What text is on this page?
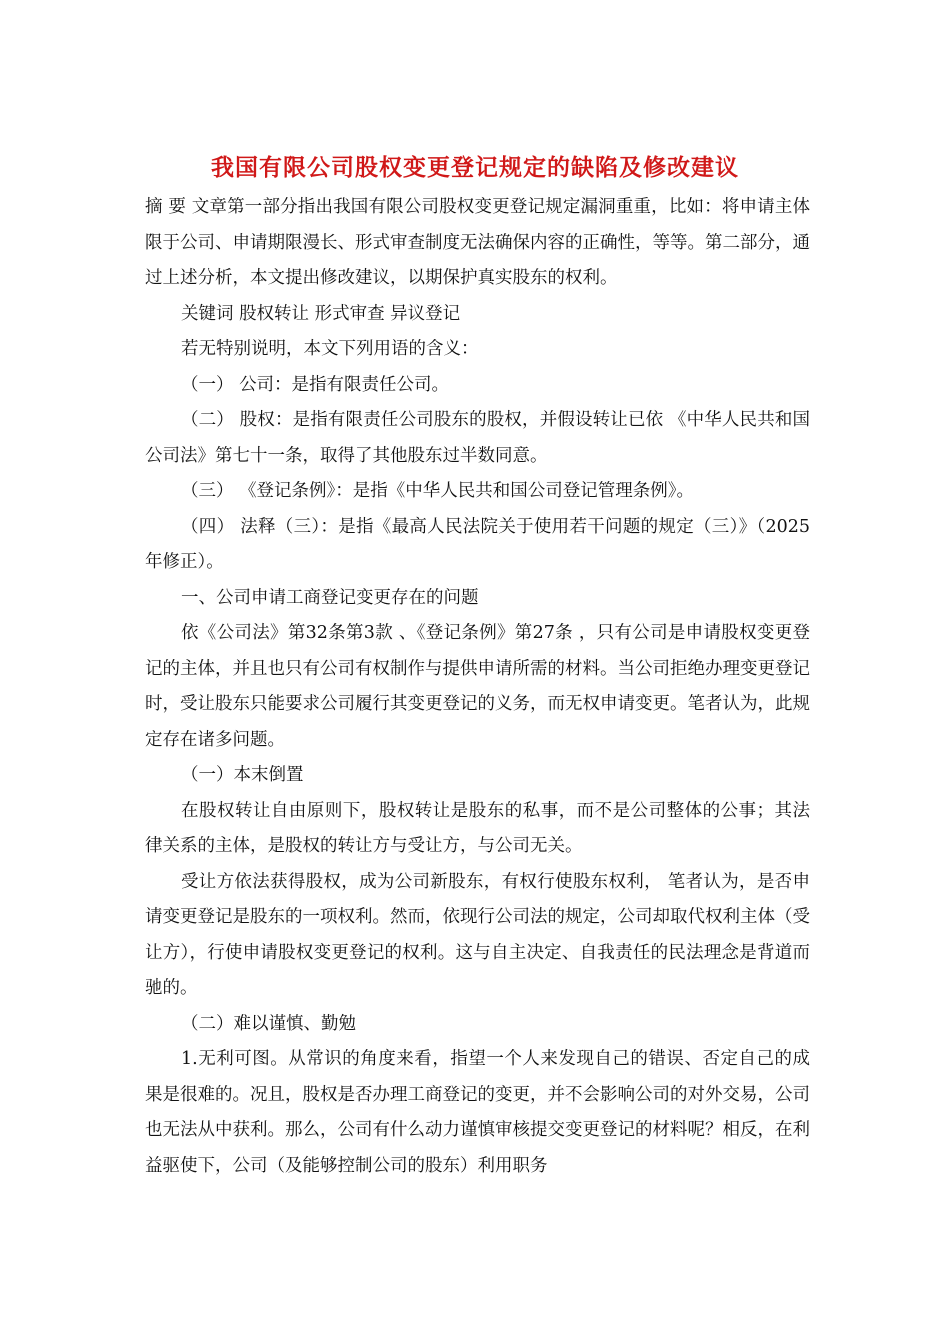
我国有限公司股权变更登记规定的缺陷及修改建议

摘 要 文章第一部分指出我国有限公司股权变更登记规定漏洞重重，比如：将申请主体限于公司、申请期限漫长、形式审查制度无法确保内容的正确性，等等。第二部分，通过上述分析，本文提出修改建议，以期保护真实股东的权利。

关键词 股权转让 形式审查 异议登记

若无特别说明，本文下列用语的含义：

（一） 公司：是指有限责任公司。

（二） 股权：是指有限责任公司股东的股权，并假设转让已依 《中华人民共和国公司法》第七十一条，取得了其他股东过半数同意。

（三） 《登记条例》：是指《中华人民共和国公司登记管理条例》。

（四） 法释（三）：是指《最高人民法院关于使用若干问题的规定（三）》（2025年修正）。

一、公司申请工商登记变更存在的问题

依《公司法》第32条第3款 、《登记条例》第27条 ，只有公司是申请股权变更登记的主体，并且也只有公司有权制作与提供申请所需的材料。当公司拒绝办理变更登记时，受让股东只能要求公司履行其变更登记的义务，而无权申请变更。笔者认为，此规定存在诸多问题。

（一）本末倒置

在股权转让自由原则下，股权转让是股东的私事，而不是公司整体的公事；其法律关系的主体，是股权的转让方与受让方，与公司无关。

受让方依法获得股权，成为公司新股东，有权行使股东权利， 笔者认为，是否申请变更登记是股东的一项权利。然而，依现行公司法的规定，公司却取代权利主体（受让方），行使申请股权变更登记的权利。这与自主决定、自我责任的民法理念是背道而驰的。

（二）难以谨慎、勤勉

1.无利可图。从常识的角度来看，指望一个人来发现自己的错误、否定自己的成果是很难的。况且，股权是否办理工商登记的变更，并不会影响公司的对外交易，公司也无法从中获利。那么，公司有什么动力谨慎审核提交变更登记的材料呢？相反，在利益驱使下，公司（及能够控制公司的股东）利用职务
